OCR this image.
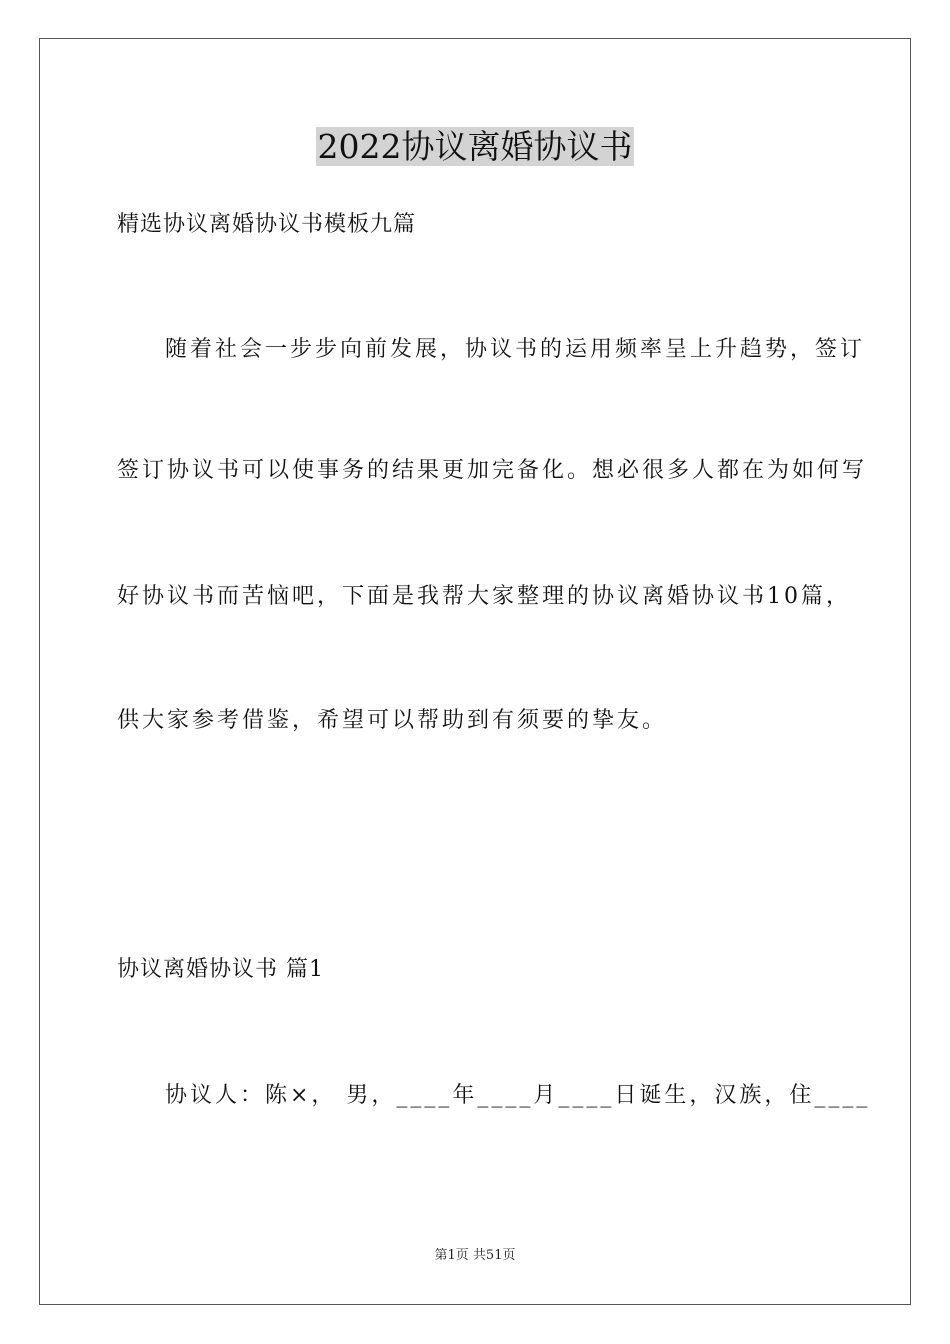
2022协议离婚协议书
精选协议离婚协议书模板九篇
随着社会一步步向前发展，协议书的运用频率呈上升趋势，签订
签订协议书可以使事务的结果更加完备化。想必很多人都在为如何写
好协议书而苦恼吧，下面是我帮大家整理的协议离婚协议书10篇，
供大家参考借鉴，希望可以帮助到有须要的挚友。
协议离婚协议书 篇1
协议人：陈×， 男，____年____月____日诞生，汉族，住____
第1页 共51页
